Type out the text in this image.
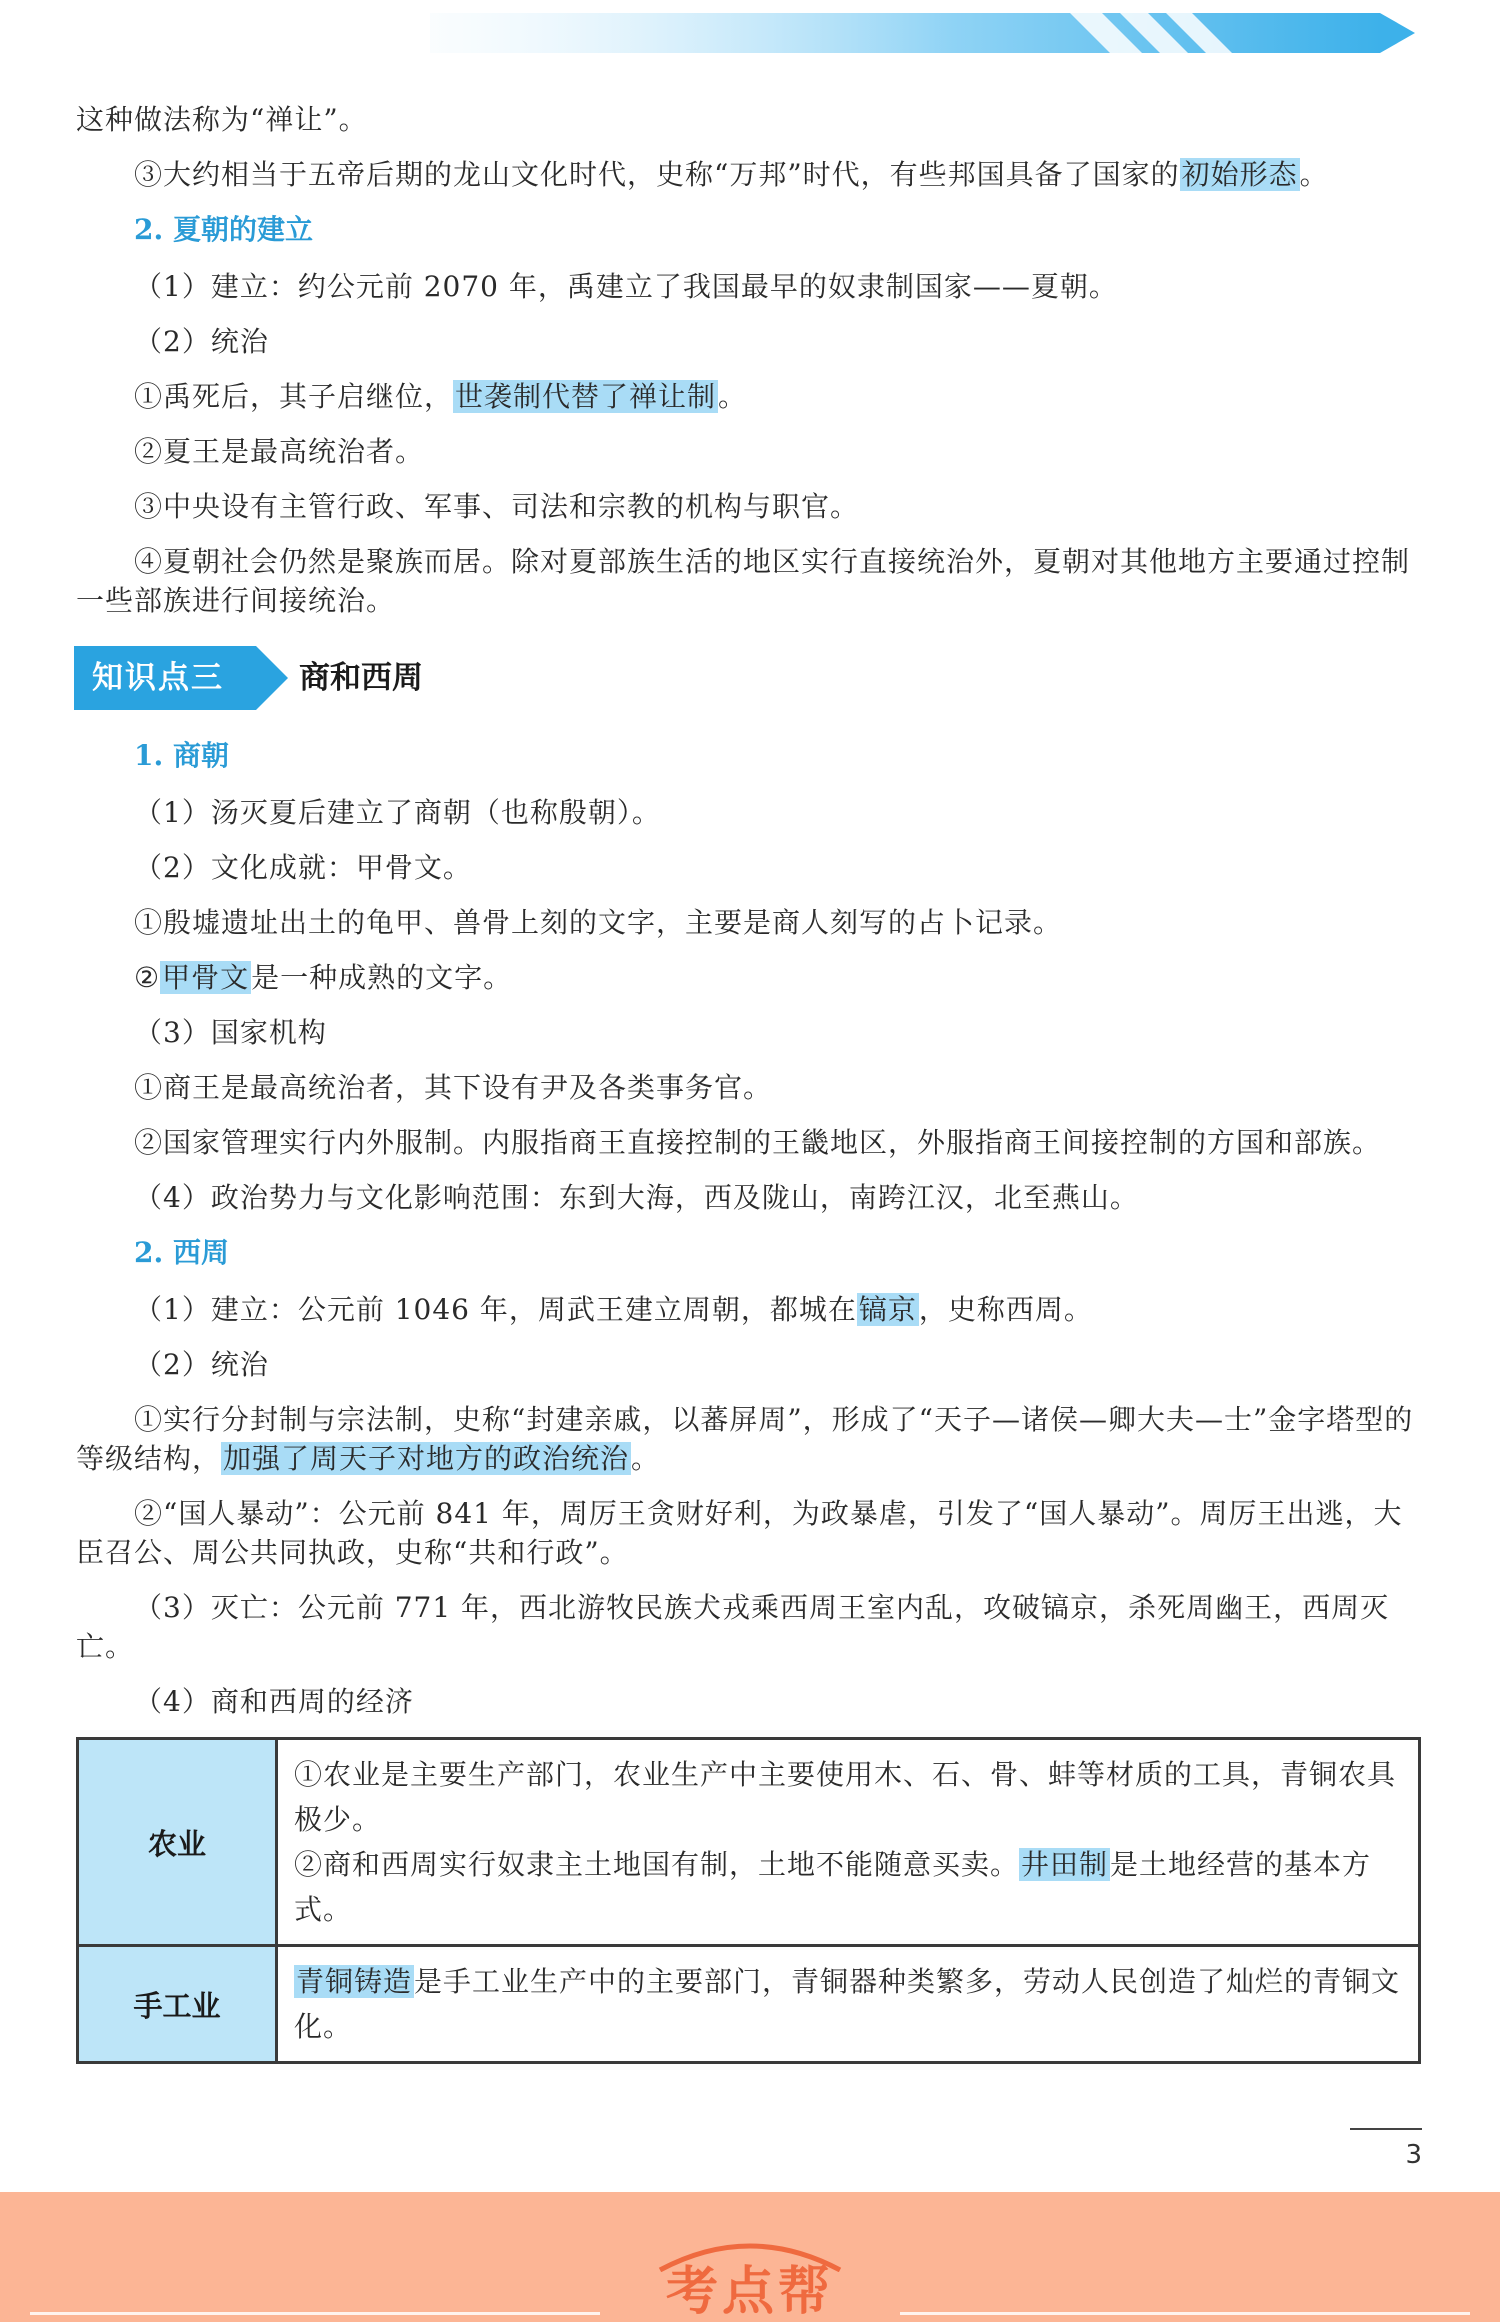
这种做法称为“禅让”。

③大约相当于五帝后期的龙山文化时代，史称“万邦”时代，有些邦国具备了国家的初始形态。

2. 夏朝的建立

（1）建立：约公元前 2070 年，禹建立了我国最早的奴隶制国家——夏朝。

（2）统治

①禹死后，其子启继位，世袭制代替了禅让制。

②夏王是最高统治者。

③中央设有主管行政、军事、司法和宗教的机构与职官。

④夏朝社会仍然是聚族而居。除对夏部族生活的地区实行直接统治外，夏朝对其他地方主要通过控制一些部族进行间接统治。

知识点三 商和西周
1. 商朝

（1）汤灭夏后建立了商朝（也称殷朝）。

（2）文化成就：甲骨文。

①殷墟遗址出土的龟甲、兽骨上刻的文字，主要是商人刻写的占卜记录。

②甲骨文是一种成熟的文字。

（3）国家机构

①商王是最高统治者，其下设有尹及各类事务官。

②国家管理实行内外服制。内服指商王直接控制的王畿地区，外服指商王间接控制的方国和部族。

（4）政治势力与文化影响范围：东到大海，西及陇山，南跨江汉，北至燕山。

2. 西周

（1）建立：公元前 1046 年，周武王建立周朝，都城在镐京，史称西周。

（2）统治

①实行分封制与宗法制，史称“封建亲戚，以蕃屏周”，形成了“天子—诸侯—卿大夫—士”金字塔型的等级结构，加强了周天子对地方的政治统治。

②“国人暴动”：公元前 841 年，周厉王贪财好利，为政暴虐，引发了“国人暴动”。周厉王出逃，大臣召公、周公共同执政，史称“共和行政”。

（3）灭亡：公元前 771 年，西北游牧民族犬戎乘西周王室内乱，攻破镐京，杀死周幽王，西周灭亡。

（4）商和西周的经济

农业	①农业是主要生产部门，农业生产中主要使用木、石、骨、蚌等材质的工具，青铜农具极少。
②商和西周实行奴隶主土地国有制，土地不能随意买卖。井田制是土地经营的基本方式。

手工业	青铜铸造是手工业生产中的主要部门，青铜器种类繁多，劳动人民创造了灿烂的青铜文化。
3
考点帮
